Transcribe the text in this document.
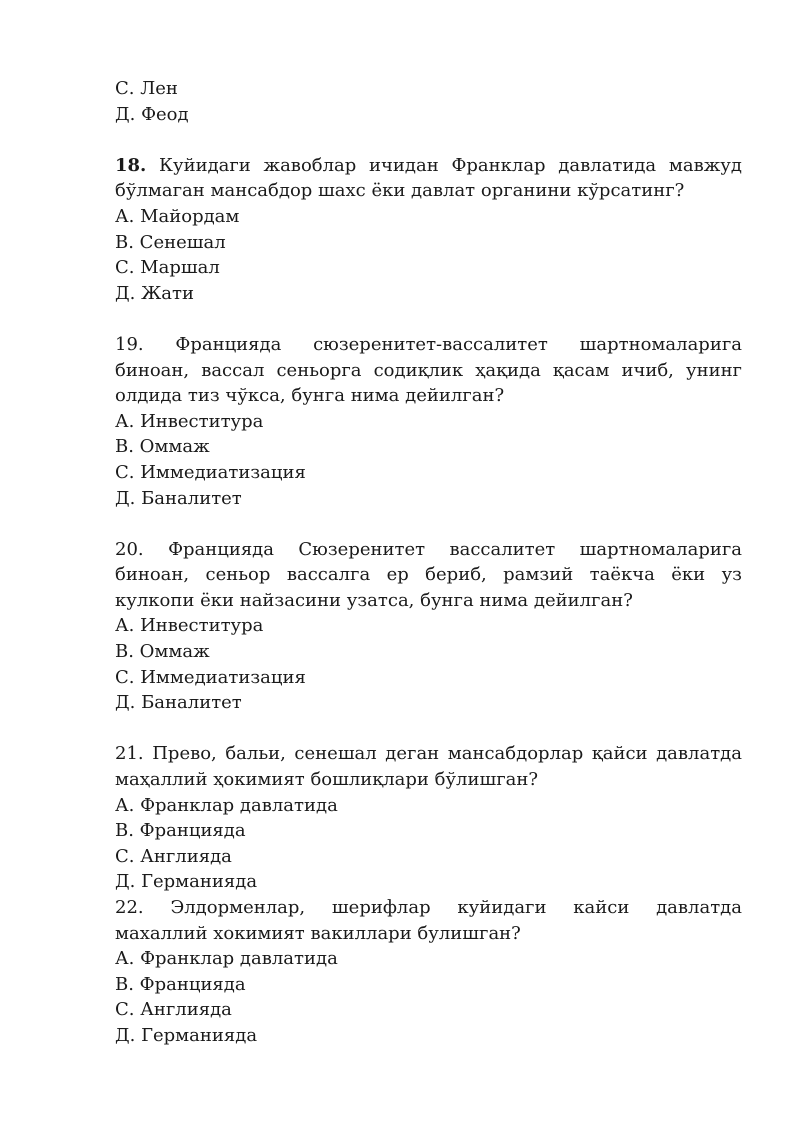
С. Лен
Д. Феод
18. Куйидаги жавоблар ичидан Франклар давлатида мавжуд
бўлмаган мансабдор шахс ёки давлат органини кўрсатинг?
А. Майордам
В. Сенешал
С. Маршал
Д. Жати
19. Францияда сюзеренитет-вассалитет шартномаларига
биноан, вассал сеньорга содиқлик ҳақида қасам ичиб, унинг
олдида тиз чўкса, бунга нима дейилган?
А. Инвеститура
В. Оммаж
С. Иммедиатизация
Д. Баналитет
20. Францияда Сюзеренитет вассалитет шартномаларига
биноан, сеньор вассалга ер бериб, рамзий таёкча ёки уз
кулкопи ёки найзасини узатса, бунга нима дейилган?
А. Инвеститура
В. Оммаж
С. Иммедиатизация
Д. Баналитет
21. Прево, бальи, сенешал деган мансабдорлар қайси давлатда
маҳаллий ҳокимият бошлиқлари бўлишган?
А. Франклар давлатида
В. Францияда
С. Англияда
Д. Германияда
22. Элдорменлар, шерифлар куйидаги кайси давлатда
махаллий хокимият вакиллари булишган?
А. Франклар давлатида
В. Францияда
С. Англияда
Д. Германияда
